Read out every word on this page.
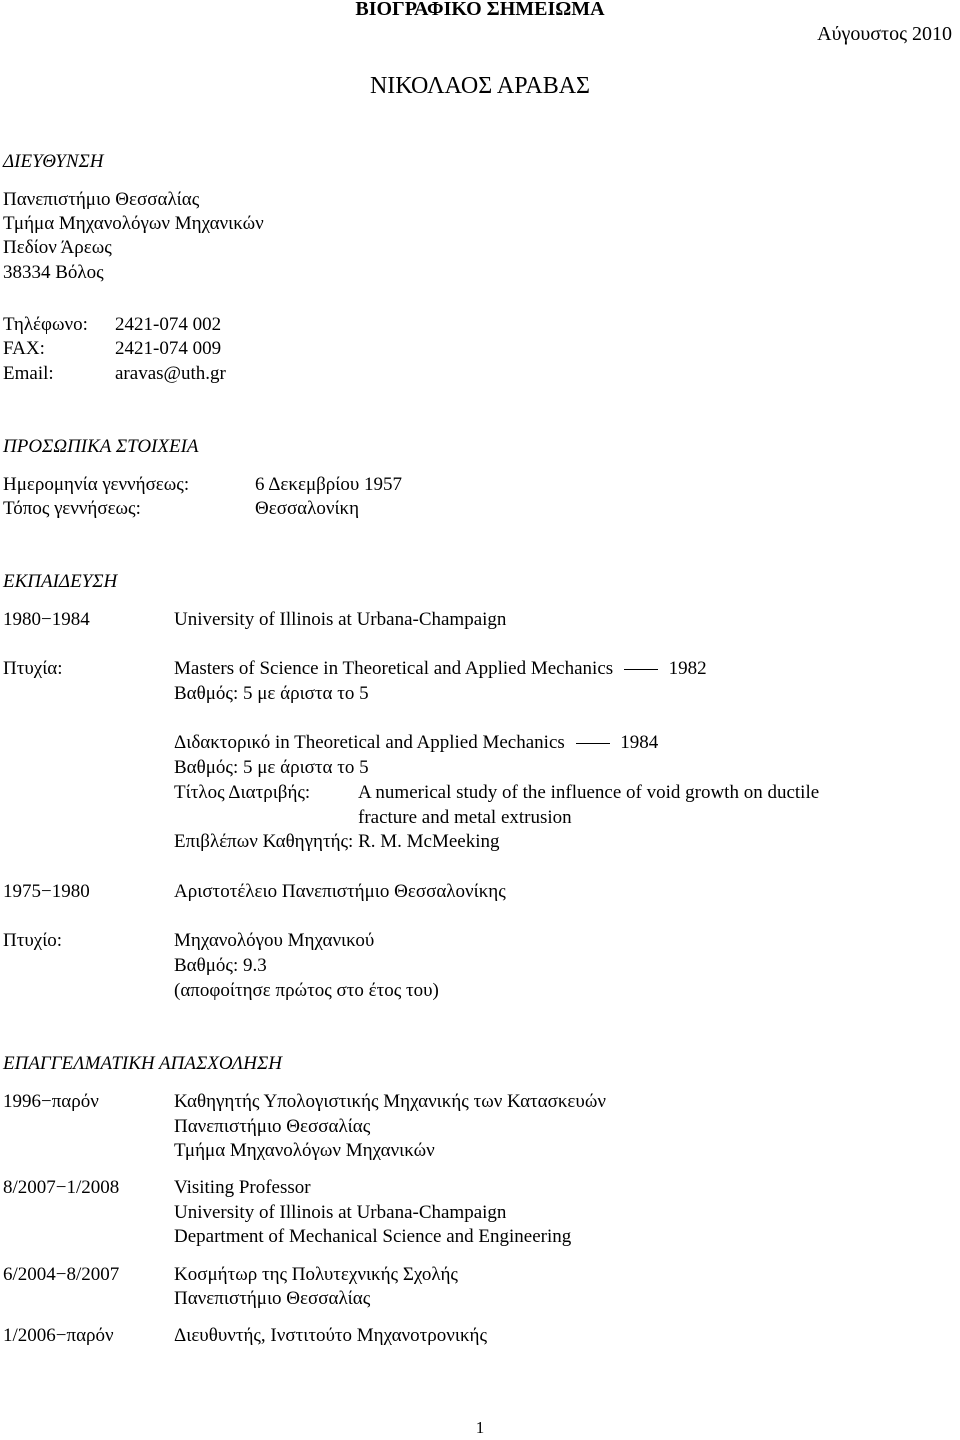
ΒΙΟΓΡΑΦΙΚΟ ΣΗΜΕΙΩΜΑ
Αύγουστος 2010
ΝΙΚΟΛΑΟΣ ΑΡΑΒΑΣ
ΔΙΕΥΘΥΝΣΗ
Πανεπιστήμιο Θεσσαλίας
Τμήμα Μηχανολόγων Μηχανικών
Πεδίον Άρεως
38334 Βόλος
Τηλέφωνο: 2421-074 002
FAX:	2421-074 009
Email:	aravas@uth.gr
ΠΡΟΣΩΠΙΚΑ ΣΤΟΙΧΕΙΑ
Ημερομηνία γεννήσεως:	6 Δεκεμβρίου 1957
Τόπος γεννήσεως:	Θεσσαλονίκη
ΕΚΠΑΙΔΕΥΣΗ
1980−1984	University of Illinois at Urbana-Champaign
Πτυχία:	Masters of Science in Theoretical and Applied Mechanics	1982
Βαθμός: 5 με άριστα το 5
Διδακτορικό in Theoretical and Applied Mechanics	1984
Βαθμός: 5 με άριστα το 5
Τίτλος Διατριβής:	A numerical study of the influence of void growth on ductile
fracture and metal extrusion
Επιβλέπων Καθηγητής: R. M. McMeeking
1975−1980	Αριστοτέλειο Πανεπιστήμιο Θεσσαλονίκης
Πτυχίο:	Μηχανολόγου Μηχανικού
Βαθμός: 9.3
(αποφοίτησε πρώτος στο έτος του)
ΕΠΑΓΓΕΛΜΑΤΙΚΗ ΑΠΑΣΧΟΛΗΣΗ
1996−παρόν	Καθηγητής Υπολογιστικής Μηχανικής των Κατασκευών
Πανεπιστήμιο Θεσσαλίας
Τμήμα Μηχανολόγων Μηχανικών
8/2007−1/2008	Visiting Professor
University of Illinois at Urbana-Champaign
Department of Mechanical Science and Engineering
6/2004−8/2007	Κοσμήτωρ της Πολυτεχνικής Σχολής
Πανεπιστήμιο Θεσσαλίας
1/2006−παρόν	Διευθυντής, Ινστιτούτο Μηχανοτρονικής
1
